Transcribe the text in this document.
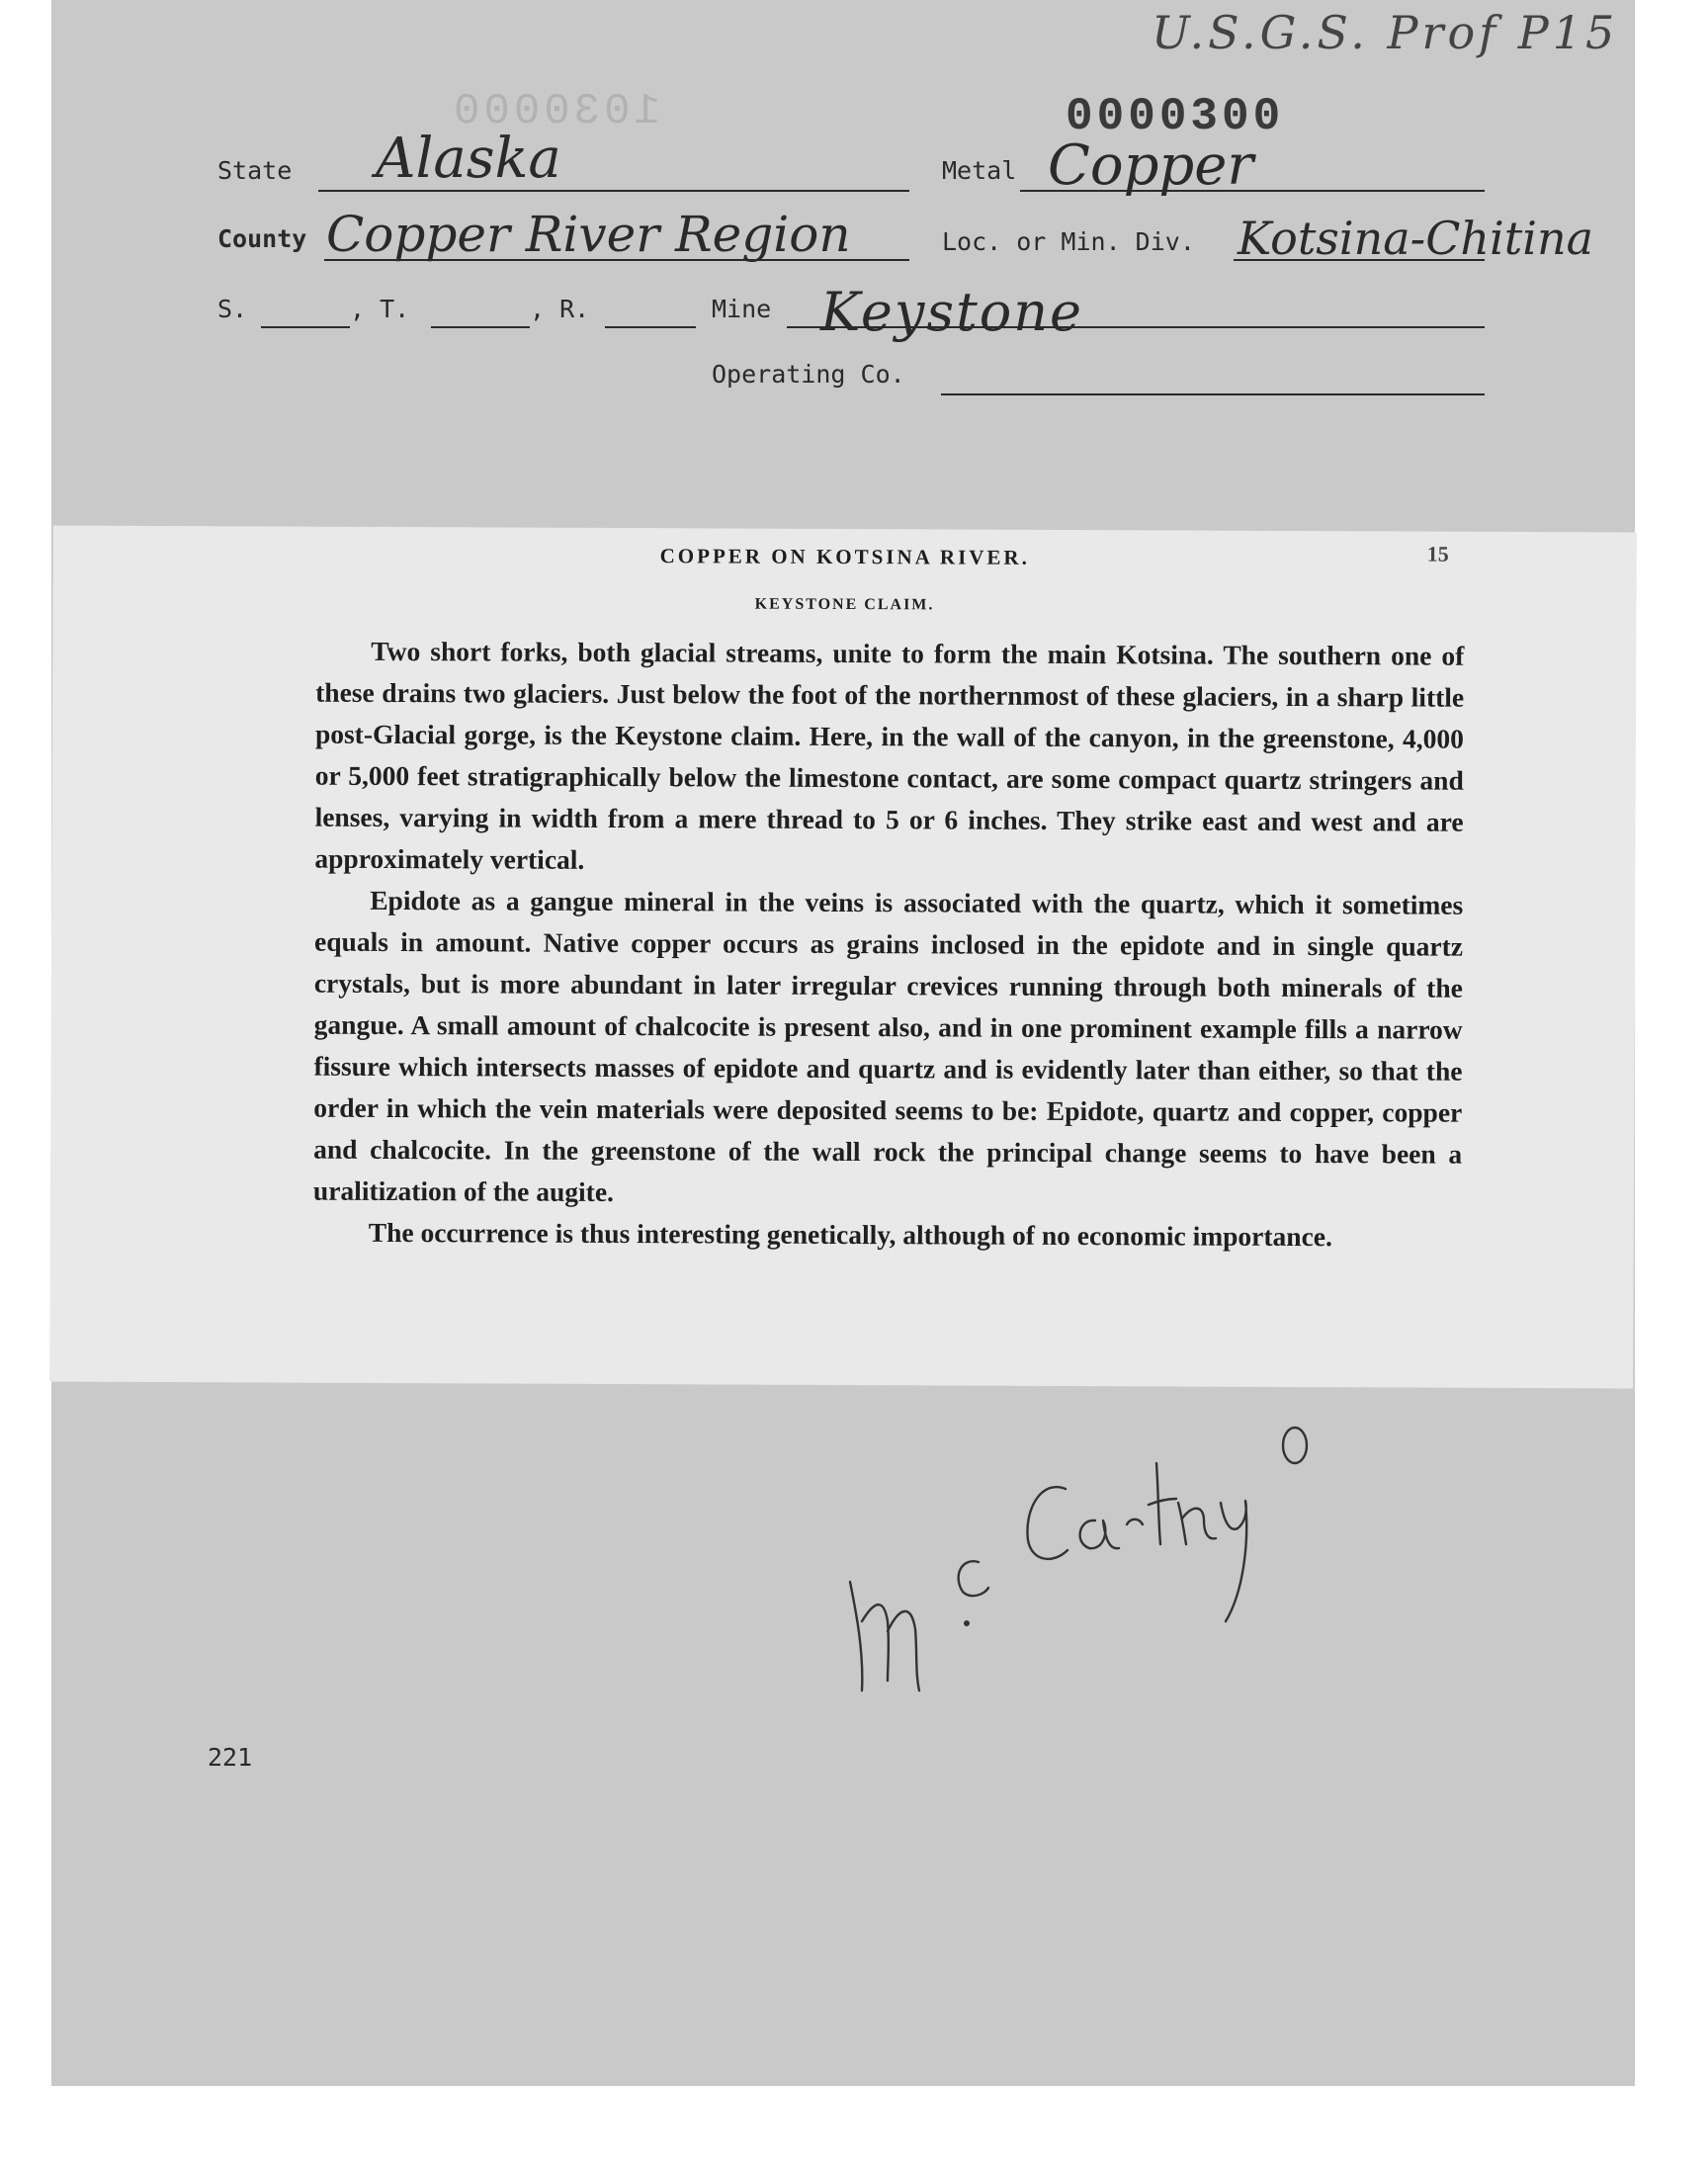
U.S.G.S. Prof P15
1030000	0000300
State Alaska	Metal Copper
County Copper River Region	Loc. or Min. Div. Kotsina-Chitina
S.	, T.	, R.	Mine Keystone
Operating Co.
COPPER ON KOTSINA RIVER.	15
KEYSTONE CLAIM.

Two short forks, both glacial streams, unite to form the main Kotsina. The southern one of these drains two glaciers. Just below the foot of the northernmost of these glaciers, in a sharp little post-Glacial gorge, is the Keystone claim. Here, in the wall of the canyon, in the greenstone, 4,000 or 5,000 feet stratigraphically below the limestone contact, are some compact quartz stringers and lenses, varying in width from a mere thread to 5 or 6 inches. They strike east and west and are approximately vertical.

Epidote as a gangue mineral in the veins is associated with the quartz, which it sometimes equals in amount. Native copper occurs as grains inclosed in the epidote and in single quartz crystals, but is more abundant in later irregular crevices running through both minerals of the gangue. A small amount of chalcocite is present also, and in one prominent example fills a narrow fissure which intersects masses of epidote and quartz and is evidently later than either, so that the order in which the vein materials were deposited seems to be: Epidote, quartz and copper, copper and chalcocite. In the greenstone of the wall rock the principal change seems to have been a uralitization of the augite.

The occurrence is thus interesting genetically, although of no economic importance.

221
